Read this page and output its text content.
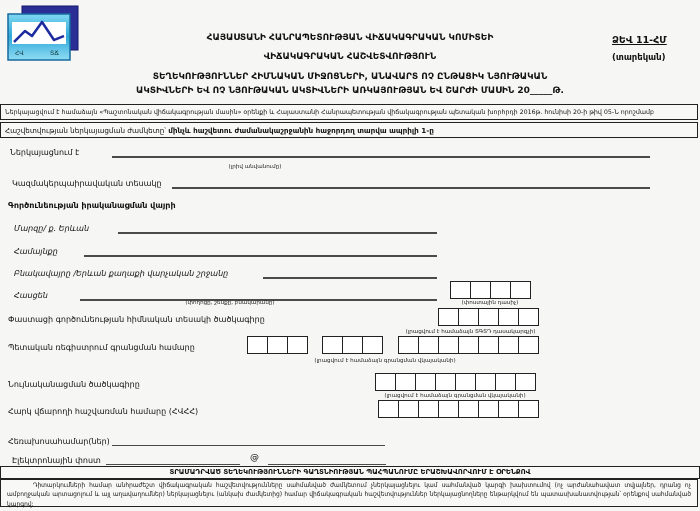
ՀՎ	ՏՃ
ՀԱՅԱՍՏԱՆԻ ՀԱՆՐԱՊԵՏՈՒԹՅԱՆ ՎԻՃԱԿԱԳՐԱԿԱՆ ԿՈՄԻՏԵԻ
ՎԻՃԱԿԱԳՐԱԿԱՆ ՀԱՇՎԵՏՎՈՒԹՅՈՒՆ
ՁԵՎ 11-ՀՄ
(տարեկան)
ՏԵՂԵԿՈՒԹՅՈՒՆՆԵՐ ՀԻՄՆԱԿԱՆ ՄԻՋՈՑՆԵՐԻ, ԱՆԱՎԱՐՏ ՈՉ ԸՆԹԱՑԻԿ ՆՅՈՒԹԱԿԱՆ
ԱԿՏԻՎՆԵՐԻ ԵՎ ՈՉ ՆՅՈՒԹԱԿԱՆ ԱԿՏԻՎՆԵՐԻ ԱՌԿԱՅՈՒԹՅԱՆ ԵՎ ՇԱՐԺԻ ՄԱՍԻՆ 20_____Թ.
Ներկայացվում է համաձայն «Պաշտոնական վիճակագրության մասին» օրենքի և Հայաստանի Հանրապետության վիճակագրության պետական խորհրդի 2016թ. հունիսի 20-ի թիվ 05-Ն որոշմամբ
Հաշվետվության ներկայացման ժամկետը՝ մինչև հաշվետու ժամանակաշրջանին հաջորդող տարվա ապրիլի 1-ը
Ներկայացնում է
(լրիվ անվանումը)
Կազմակերպաիրավական տեսակը
Գործունեության իրականացման վայրի
Մարզը/ ք. Երևան
Համայնքը
Բնակավայրը /Երևան քաղաքի վարչական շրջանը
Հասցեն
(փողոցը, շենքը, բնակարանը)	(փոստային դասիչ)
Փաստացի գործունեության հիմնական տեսակի ծածկագիրը
(լրացվում է համաձայն ՏԳՏԴ դասակարգչի)
Պետական ռեգիստրում գրանցման համարը
(լրացվում է համաձայն գրանցման վկայականի)
Նույնականացման ծածկագիրը
(լրացվում է համաձայն գրանցման վկայականի)
Հարկ վճարողի հաշվառման համարը (ՀՎՀՀ)
Հեռախոսահամար(ներ)
Էլեկտրոնային փոստ	@
ՏՐԱՄԱԴՐՎԱԾ ՏԵՂԵԿՈՒԹՅՈՒՆՆԵՐԻ ԳԱՂՏՆԻՈՒԹՅԱՆ ՊԱՀՊԱՆՈՒՄԸ ԵՐԱՇԽԱՎՈՐՎՈՒՄ Է ՕՐԵՆՔՈՎ
Դիտարկումների համար անհրաժեշտ վիճակագրական հաշվետվությունները սահմանված ժամկետում չներկայացնելու կամ սահմանված կարգի խախտումով (ոչ արժանահավատ տվյալներ, դրանց ոչ ամբողջական արտացոլում և այլ աղավաղումներ) ներկայացնելու (անկախ ժամկետից) համար վիճակագրական հաշվետվություններ ներկայացնողները ենթարկվում են պատասխանատվության՝ օրենքով սահմանված կարգով:
